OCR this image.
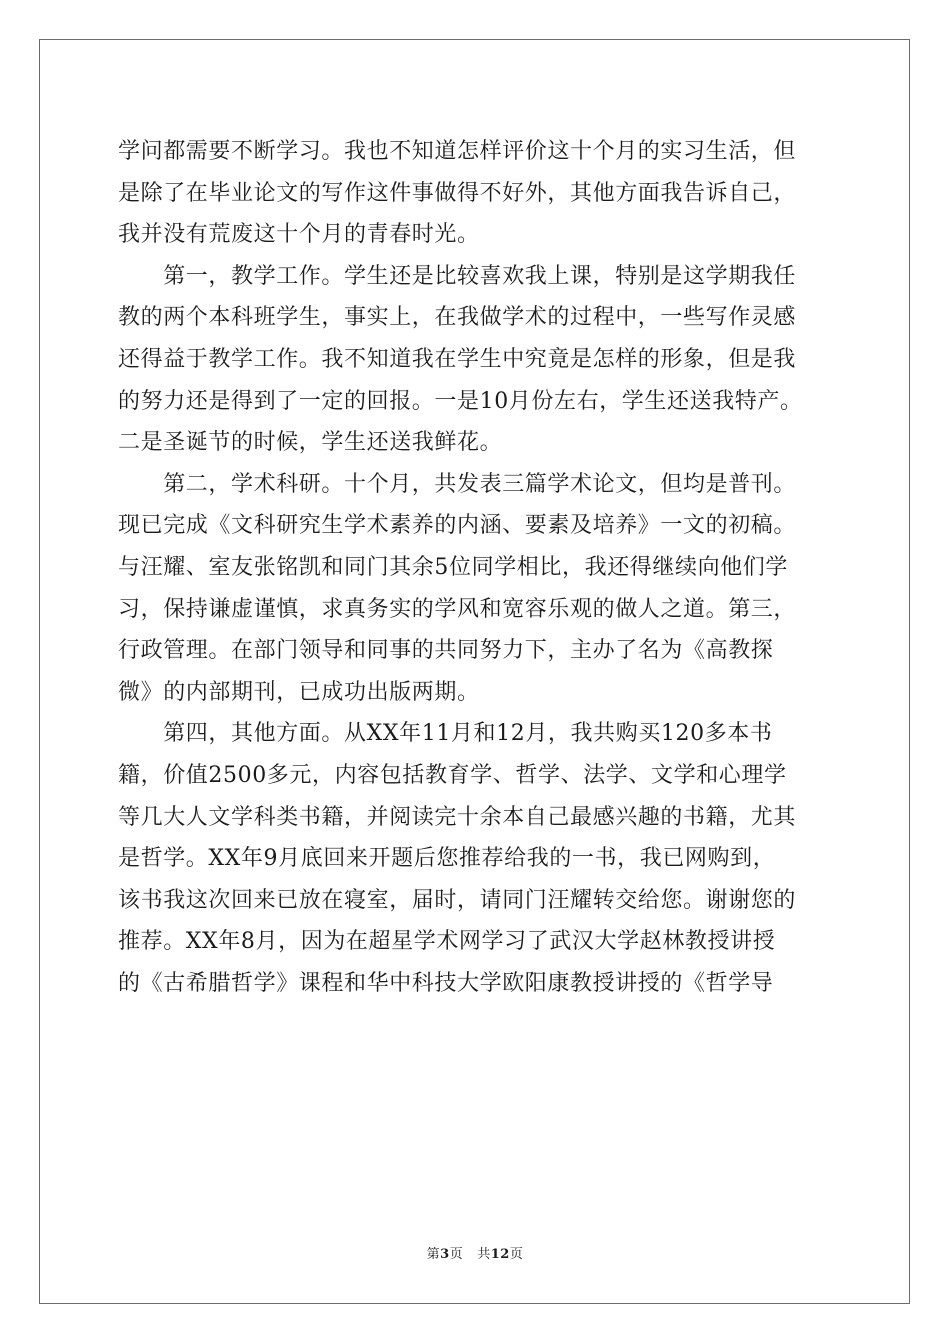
学问都需要不断学习。我也不知道怎样评价这十个月的实习生活，但
是除了在毕业论文的写作这件事做得不好外，其他方面我告诉自己，
我并没有荒废这十个月的青春时光。
　　第一，教学工作。学生还是比较喜欢我上课，特别是这学期我任
教的两个本科班学生，事实上，在我做学术的过程中，一些写作灵感
还得益于教学工作。我不知道我在学生中究竟是怎样的形象，但是我
的努力还是得到了一定的回报。一是10月份左右，学生还送我特产。
二是圣诞节的时候，学生还送我鲜花。
　　第二，学术科研。十个月，共发表三篇学术论文，但均是普刊。
现已完成《文科研究生学术素养的内涵、要素及培养》一文的初稿。
与汪耀、室友张铭凯和同门其余5位同学相比，我还得继续向他们学
习，保持谦虚谨慎，求真务实的学风和宽容乐观的做人之道。第三，
行政管理。在部门领导和同事的共同努力下，主办了名为《高教探
微》的内部期刊，已成功出版两期。
　　第四，其他方面。从XX年11月和12月，我共购买120多本书
籍，价值2500多元，内容包括教育学、哲学、法学、文学和心理学
等几大人文学科类书籍，并阅读完十余本自己最感兴趣的书籍，尤其
是哲学。XX年9月底回来开题后您推荐给我的一书，我已网购到，
该书我这次回来已放在寝室，届时，请同门汪耀转交给您。谢谢您的
推荐。XX年8月，因为在超星学术网学习了武汉大学赵林教授讲授
的《古希腊哲学》课程和华中科技大学欧阳康教授讲授的《哲学导
第3页 共12页
